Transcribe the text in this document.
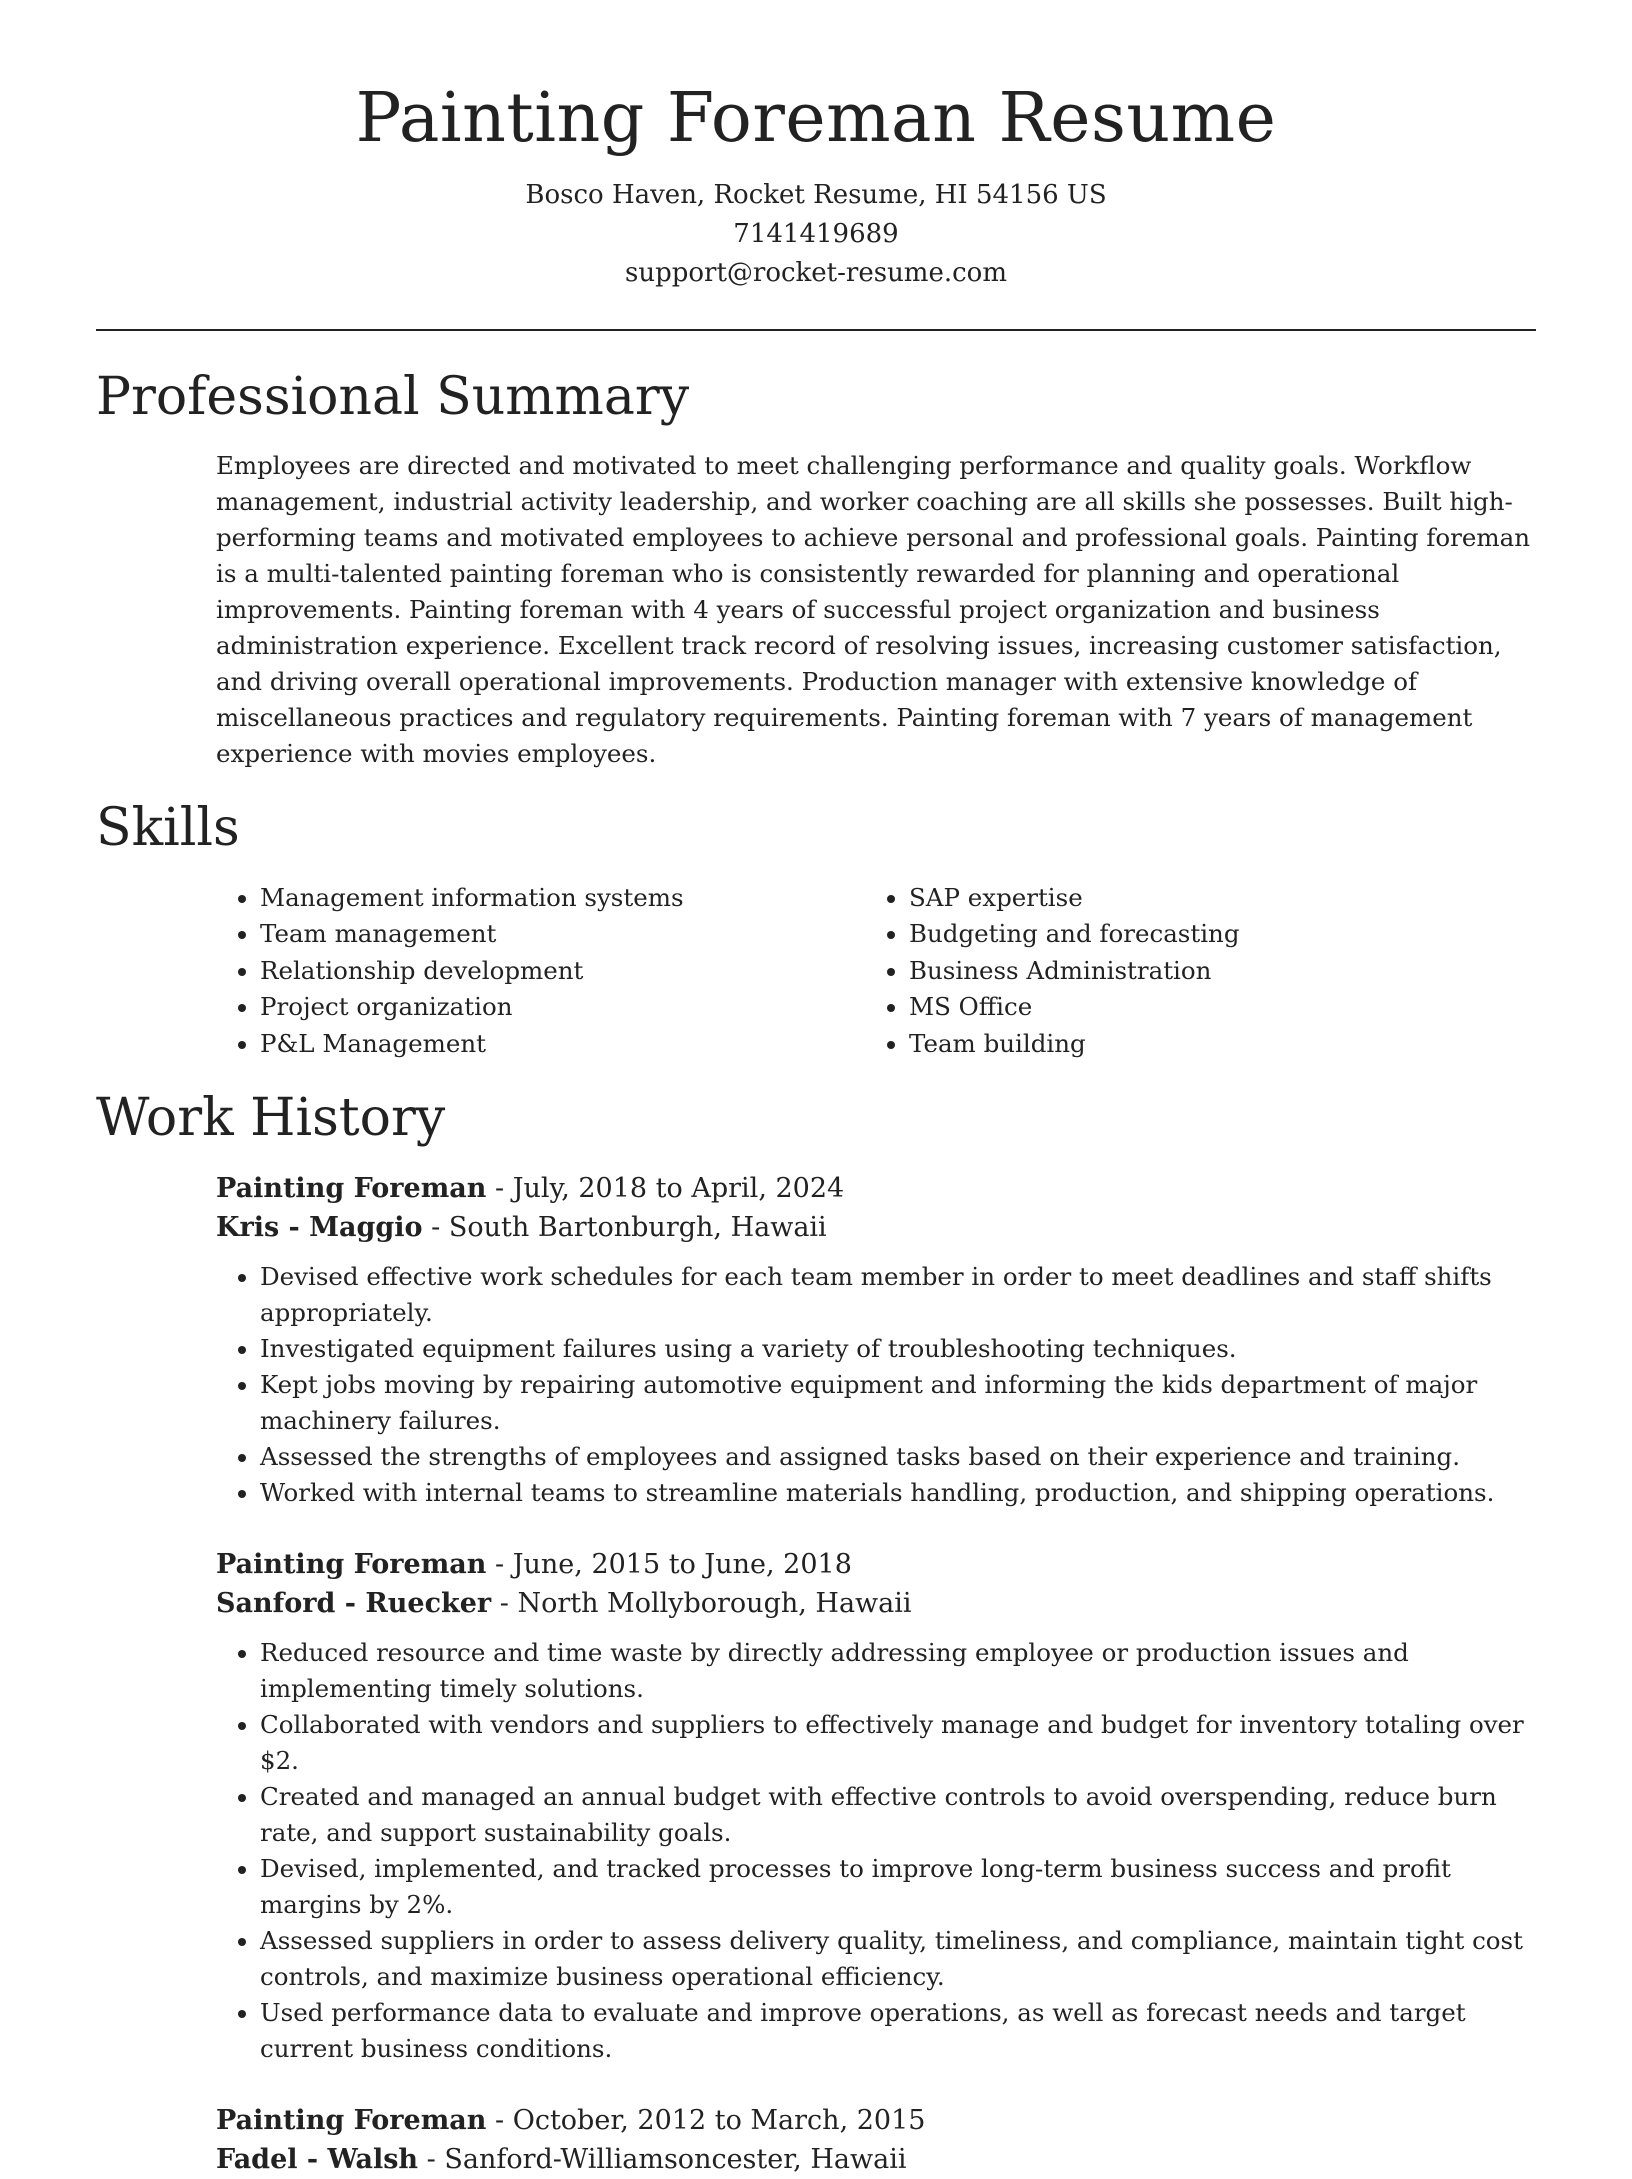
Painting Foreman Resume
Bosco Haven, Rocket Resume, HI 54156 US
7141419689
support@rocket-resume.com
Professional Summary

Employees are directed and motivated to meet challenging performance and quality goals. Workflow management, industrial activity leadership, and worker coaching are all skills she possesses. Built high-performing teams and motivated employees to achieve personal and professional goals. Painting foreman is a multi-talented painting foreman who is consistently rewarded for planning and operational improvements. Painting foreman with 4 years of successful project organization and business administration experience. Excellent track record of resolving issues, increasing customer satisfaction, and driving overall operational improvements. Production manager with extensive knowledge of miscellaneous practices and regulatory requirements. Painting foreman with 7 years of management experience with movies employees.

Skills
• Management information systems
• Team management
• Relationship development
• Project organization
• P&L Management
• SAP expertise
• Budgeting and forecasting
• Business Administration
• MS Office
• Team building
Work History
Painting Foreman - July, 2018 to April, 2024
Kris - Maggio - South Bartonburgh, Hawaii
• Devised effective work schedules for each team member in order to meet deadlines and staff shifts appropriately.
• Investigated equipment failures using a variety of troubleshooting techniques.
• Kept jobs moving by repairing automotive equipment and informing the kids department of major machinery failures.
• Assessed the strengths of employees and assigned tasks based on their experience and training.
• Worked with internal teams to streamline materials handling, production, and shipping operations.
Painting Foreman - June, 2015 to June, 2018
Sanford - Ruecker - North Mollyborough, Hawaii
• Reduced resource and time waste by directly addressing employee or production issues and implementing timely solutions.
• Collaborated with vendors and suppliers to effectively manage and budget for inventory totaling over $2.
• Created and managed an annual budget with effective controls to avoid overspending, reduce burn rate, and support sustainability goals.
• Devised, implemented, and tracked processes to improve long-term business success and profit margins by 2%.
• Assessed suppliers in order to assess delivery quality, timeliness, and compliance, maintain tight cost controls, and maximize business operational efficiency.
• Used performance data to evaluate and improve operations, as well as forecast needs and target current business conditions.
Painting Foreman - October, 2012 to March, 2015
Fadel - Walsh - Sanford-Williamsoncester, Hawaii
